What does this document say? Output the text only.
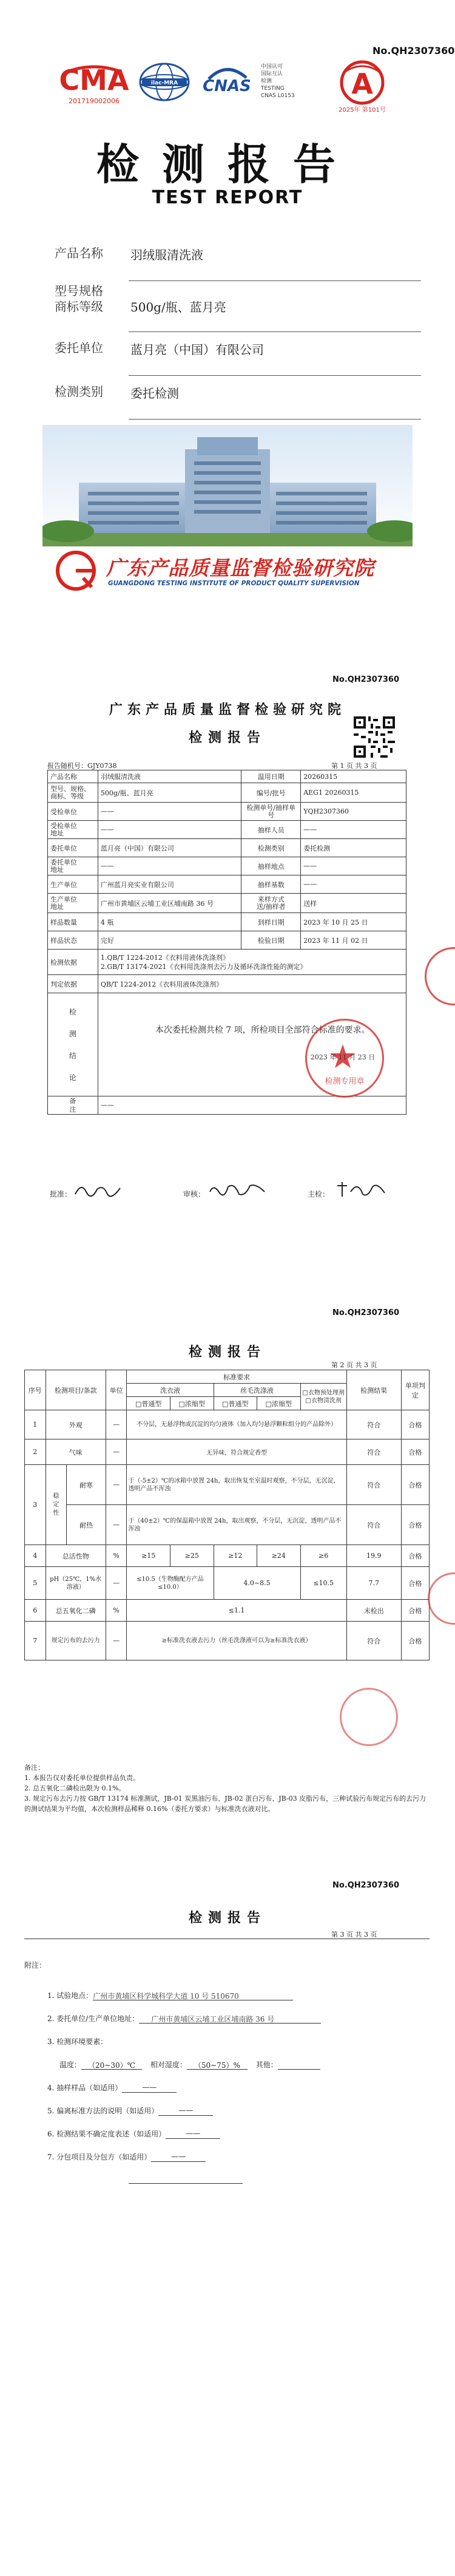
No.QH2307360
CMA
201719002006
ilac-MRA CNAS
中国认可
国际互认
检测
TESTING
CNAS L0153	A
2025年 第101号
检测报告
TEST REPORT
产品名称	羽绒服清洗液
型号规格
商标等级	500g/瓶、蓝月亮
委托单位	蓝月亮（中国）有限公司
检测类别	委托检测
广东产品质量监督检验研究院
GUANGDONG TESTING INSTITUTE OF PRODUCT QUALITY SUPERVISION
No.QH2307360
广东产品质量监督检验研究院
检测报告
报告随机号：GJY0738	第 1 页 共 3 页
产品名称	羽绒服清洗液	温用日期	20260315
型号、规格、
商标、等级	500g/瓶、蓝月亮	编号/批号	AEG1 20260315
受检单位	——	检测单号/抽样单号	YQH2307360
受检单位
地址	——	抽样人员	——
委托单位	蓝月亮（中国）有限公司	检测类别	委托检测
委托单位
地址	——	抽样地点	——
生产单位	广州蓝月亮实业有限公司	抽样基数	——
生产单位
地址	广州市黄埔区云埔工业区埔南路 36 号	来样方式
送/抽样者	送样
样品数量	4 瓶	到样日期	2023 年 10 月 25 日
样品状态	完好	检验日期	2023 年 11 月 02 日
检测依据	1.QB/T 1224-2012《衣料用液体洗涤剂》
2.GB/T 13174-2021《衣料用洗涤剂去污力及循环洗涤性能的测定》		

判定依据	QB/T 1224-2012《衣料用液体洗涤剂》		

检测结论	本次委托检测共检 7 项，所检项目全部符合标准的要求。		

备注	——		
检测专用章
2023 年 11 月 23 日
批准：	审核：	主检：
No.QH2307360
检测报告
第 2 页 共 3 页
序号	检测项目/条款		单位	标准要求					检测结果	单项判定
				洗衣液		丝毛洗涤液		□衣物预处理剂
□衣物清洗剂		

				□普通型	□浓缩型	□普通型	□浓缩型			
1	外观		—	不分层，无悬浮物或沉淀的均匀液体（加入均匀悬浮颗粒组分的产品除外）					符合	合格
2	气味		—	无异味，符合规定香型					符合	合格
3	稳定性	耐寒	—	于（-5±2）℃的冰箱中放置 24h，取出恢复至室温时观察，不分层，无沉淀，透明产品不浑浊					符合	合格
		耐热	—	于（40±2）℃的保温箱中放置 24h，取出观察，不分层，无沉淀，透明产品不浑浊					符合	合格
4	总活性物		%	≥15	≥25	≥12	≥24	≥6	19.9	合格
5	pH（25℃，1%水溶液）		—	≤10.5（生物酶配方产品≤10.0）		4.0~8.5		≤10.5	7.7	合格
6	总五氧化二磷		%	≤1.1					未检出	合格
7	规定污布的去污力		—	≥标准洗衣液去污力（丝毛洗涤液可以为≥标准洗衣液）					符合	合格
备注：
1. 本报告仅对委托单位提供样品负责。
2. 总五氧化二磷检出限为 0.1%。
3. 规定污布去污力按 GB/T 13174 标准测试，JB-01 炭黑油污布、JB-02 蛋白污布、JB-03 皮脂污布，三种试验污布规定污布的去污力的测试结果为平均值，本次检测样品稀释 0.16%（委托方要求）与标准洗衣液对比。
No.QH2307360
检测报告
第 3 页 共 3 页
附注：
1. 试验地点：广州市黄埔区科学城科学大道 10 号 510670
2. 委托单位/生产单位地址： 广州市黄埔区云埔工业区埔南路 36 号
3. 检测环境要素：
温度： （20~30）℃ 相对湿度： （50~75）% 其他：
4. 抽样样品（如适用）	——
5. 偏离标准方法的说明（如适用）	——
6. 检测结果不确定度表述（如适用）	——
7. 分包项目及分包方（如适用）	——
